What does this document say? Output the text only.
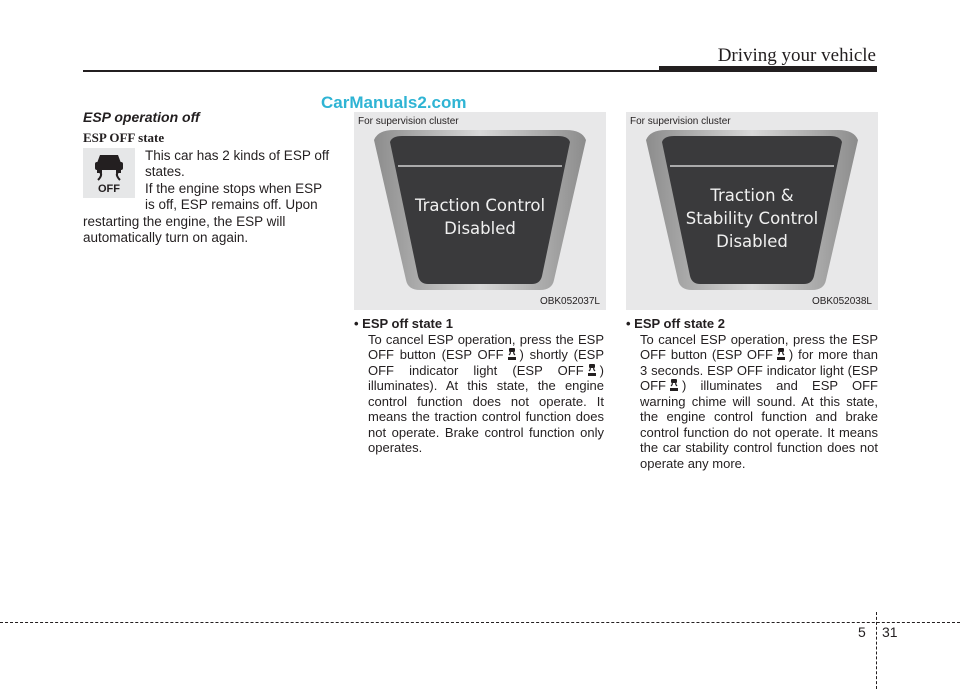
Driving your vehicle
CarManuals2.com
ESP operation off
ESP OFF state
OFF

This car has 2 kinds of ESP off states.

If the engine stops when ESP is off, ESP remains off. Upon

restarting the engine, the ESP will automatically turn on again.

Traction Control
Disabled
For supervision cluster
OBK052037L
Traction &
Stability Control
Disabled
For supervision cluster
OBK052038L
• ESP off state 1
To cancel ESP operation, press the ESP OFF button (ESP OFF ) shortly (ESP OFF indicator light (ESP OFF ) illuminates). At this state, the engine control function does not operate. It means the traction control function does not operate. Brake control function only operates.
• ESP off state 2
To cancel ESP operation, press the ESP OFF button (ESP OFF ) for more than 3 seconds. ESP OFF indicator light (ESP OFF ) illuminates and ESP OFF warning chime will sound. At this state, the engine control function and brake control function do not operate. It means the car stability control function does not operate any more.
5 31
